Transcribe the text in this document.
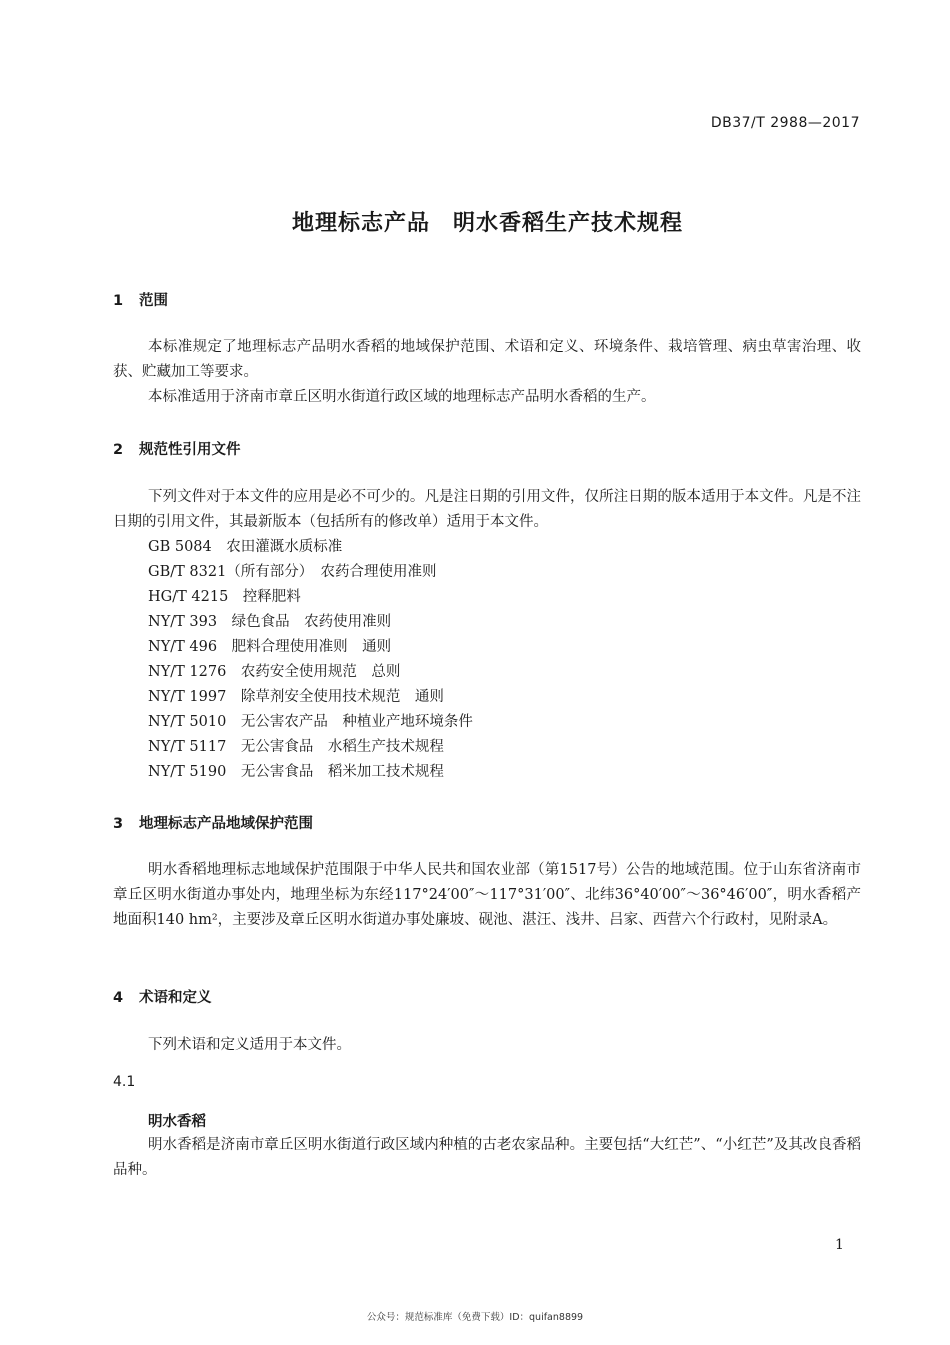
DB37/T 2988—2017
地理标志产品　明水香稻生产技术规程
1 范围
本标准规定了地理标志产品明水香稻的地域保护范围、术语和定义、环境条件、栽培管理、病虫草害治理、收获、贮藏加工等要求。
本标准适用于济南市章丘区明水街道行政区域的地理标志产品明水香稻的生产。
2 规范性引用文件
下列文件对于本文件的应用是必不可少的。凡是注日期的引用文件，仅所注日期的版本适用于本文件。凡是不注日期的引用文件，其最新版本（包括所有的修改单）适用于本文件。
GB 5084　农田灌溉水质标准
GB/T 8321（所有部分）　农药合理使用准则
HG/T 4215　控释肥料
NY/T 393　绿色食品　农药使用准则
NY/T 496　肥料合理使用准则　通则
NY/T 1276　农药安全使用规范　总则
NY/T 1997　除草剂安全使用技术规范　通则
NY/T 5010　无公害农产品　种植业产地环境条件
NY/T 5117　无公害食品　水稻生产技术规程
NY/T 5190　无公害食品　稻米加工技术规程
3 地理标志产品地域保护范围
明水香稻地理标志地域保护范围限于中华人民共和国农业部（第1517号）公告的地域范围。位于山东省济南市章丘区明水街道办事处内，地理坐标为东经117°24′00″～117°31′00″、北纬36°40′00″～36°46′00″，明水香稻产地面积140 hm²，主要涉及章丘区明水街道办事处廉坡、砚池、湛汪、浅井、吕家、西营六个行政村，见附录A。
4 术语和定义
下列术语和定义适用于本文件。
4.1
明水香稻
明水香稻是济南市章丘区明水街道行政区域内种植的古老农家品种。主要包括“大红芒”、“小红芒”及其改良香稻品种。
1
公众号：规范标准库（免费下载）ID：quifan8899
